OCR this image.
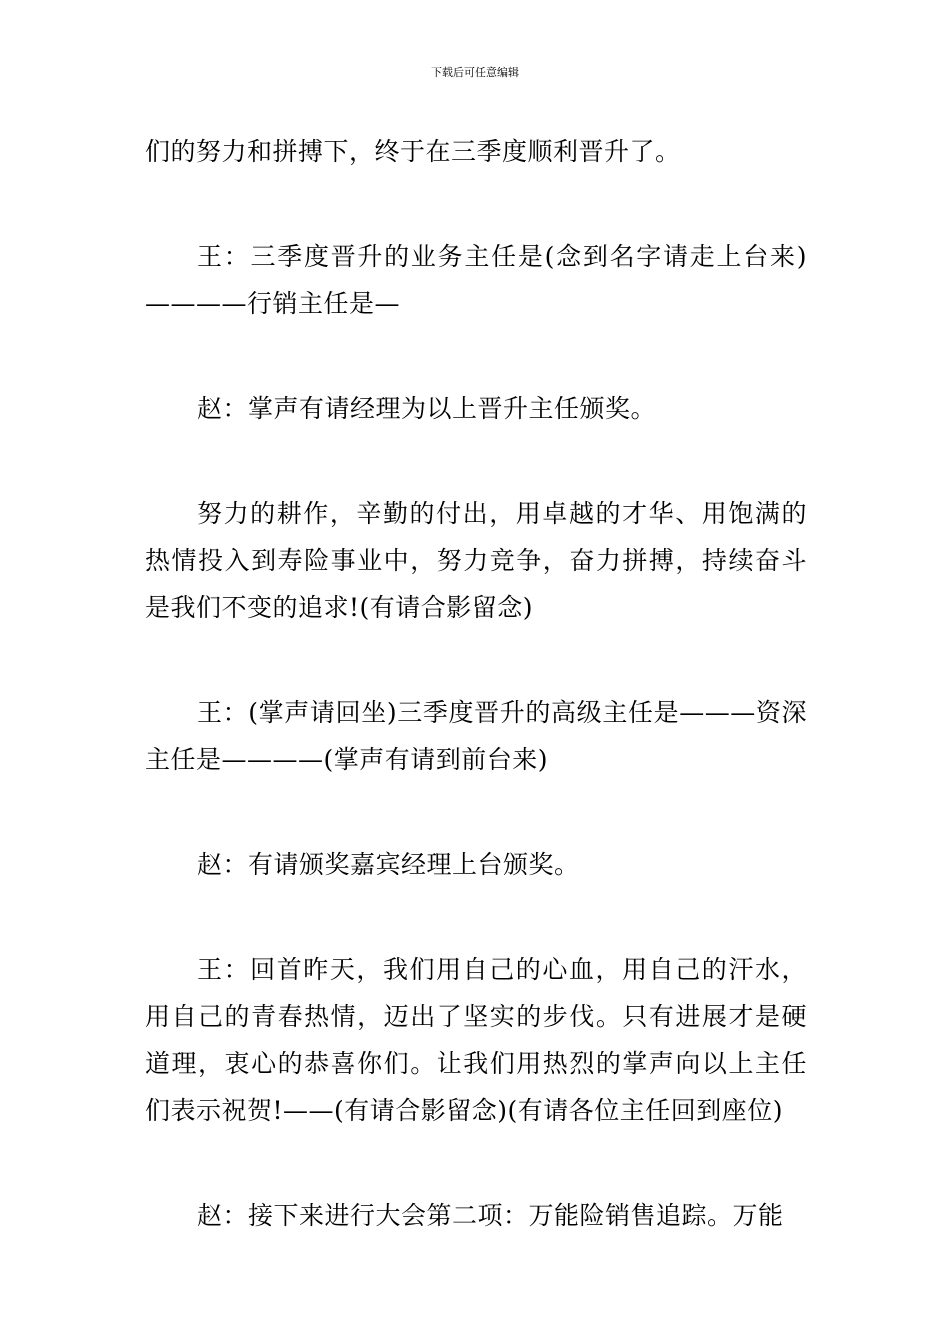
下载后可任意编辑

们的努力和拼搏下，终于在三季度顺利晋升了。

王：三季度晋升的业务主任是(念到名字请走上台来)————行销主任是—

赵：掌声有请经理为以上晋升主任颁奖。

努力的耕作，辛勤的付出，用卓越的才华、用饱满的热情投入到寿险事业中，努力竞争，奋力拼搏，持续奋斗是我们不变的追求!(有请合影留念)

王：(掌声请回坐)三季度晋升的高级主任是———资深主任是————(掌声有请到前台来)

赵：有请颁奖嘉宾经理上台颁奖。

王：回首昨天，我们用自己的心血，用自己的汗水，用自己的青春热情，迈出了坚实的步伐。只有进展才是硬道理，衷心的恭喜你们。让我们用热烈的掌声向以上主任们表示祝贺!——(有请合影留念)(有请各位主任回到座位)

赵：接下来进行大会第二项：万能险销售追踪。万能
